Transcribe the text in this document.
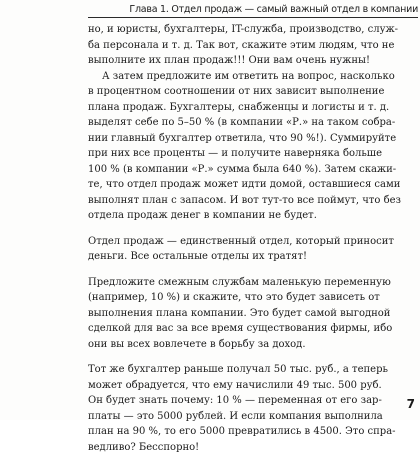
Глава 1. Отдел продаж — самый важный отдел в компании
но, и юристы, бухгалтеры, IT-служба, производство, служ-
ба персонала и т. д. Так вот, скажите этим людям, что не
выполните их план продаж!!! Они вам очень нужны!
А затем предложите им ответить на вопрос, насколько
в процентном соотношении от них зависит выполнение
плана продаж. Бухгалтеры, снабженцы и логисты и т. д.
выделят себе по 5–50 % (в компании «Р.» на таком собра-
нии главный бухгалтер ответила, что 90 %!). Суммируйте
при них все проценты — и получите наверняка больше
100 % (в компании «Р.» сумма была 640 %). Затем скажи-
те, что отдел продаж может идти домой, оставшиеся сами
выполнят план с запасом. И вот тут-то все поймут, что без
отдела продаж денег в компании не будет.
Отдел продаж — единственный отдел, который приносит
деньги. Все остальные отделы их тратят!
Предложите смежным службам маленькую переменную
(например, 10 %) и скажите, что это будет зависеть от
выполнения плана компании. Это будет самой выгодной
сделкой для вас за все время существования фирмы, ибо
они вы всех вовлечете в борьбу за доход.
Тот же бухгалтер раньше получал 50 тыс. руб., а теперь
может обрадуется, что ему начислили 49 тыс. 500 руб.
Он будет знать почему: 10 % — переменная от его зар-
платы — это 5000 рублей. И если компания выполнила
план на 90 %, то его 5000 превратились в 4500. Это спра-
ведливо? Бесспорно!
7
